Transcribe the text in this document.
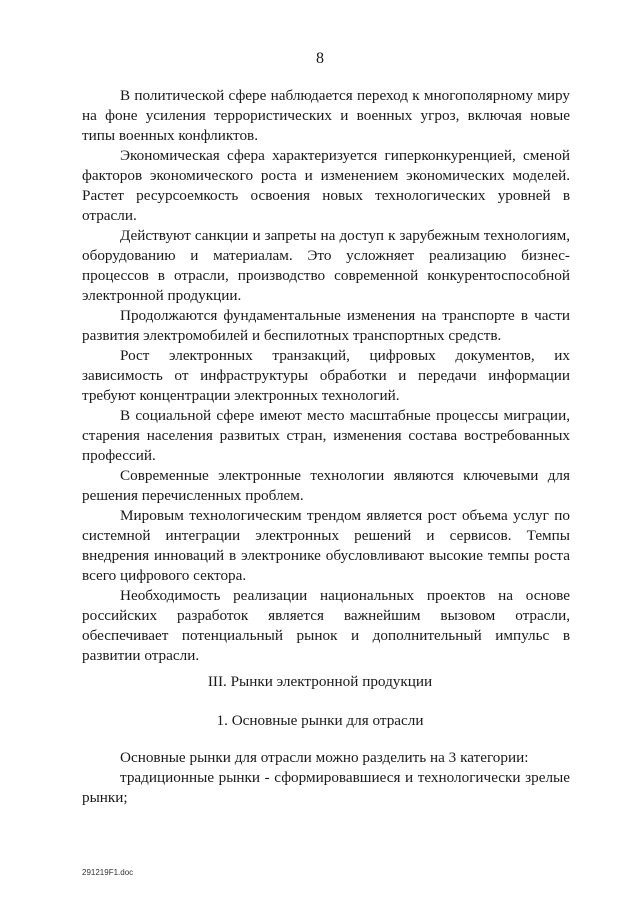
8

В политической сфере наблюдается переход к многополярному миру на фоне усиления террористических и военных угроз, включая новые типы военных конфликтов.

Экономическая сфера характеризуется гиперконкуренцией, сменой факторов экономического роста и изменением экономических моделей. Растет ресурсоемкость освоения новых технологических уровней в отрасли.

Действуют санкции и запреты на доступ к зарубежным технологиям, оборудованию и материалам. Это усложняет реализацию бизнес-процессов в отрасли, производство современной конкурентоспособной электронной продукции.

Продолжаются фундаментальные изменения на транспорте в части развития электромобилей и беспилотных транспортных средств.

Рост электронных транзакций, цифровых документов, их зависимость от инфраструктуры обработки и передачи информации требуют концентрации электронных технологий.

В социальной сфере имеют место масштабные процессы миграции, старения населения развитых стран, изменения состава востребованных профессий.

Современные электронные технологии являются ключевыми для решения перечисленных проблем.

Мировым технологическим трендом является рост объема услуг по системной интеграции электронных решений и сервисов. Темпы внедрения инноваций в электронике обусловливают высокие темпы роста всего цифрового сектора.

Необходимость реализации национальных проектов на основе российских разработок является важнейшим вызовом отрасли, обеспечивает потенциальный рынок и дополнительный импульс в развитии отрасли.

III. Рынки электронной продукции
1. Основные рынки для отрасли

Основные рынки для отрасли можно разделить на 3 категории:

традиционные рынки - сформировавшиеся и технологически зрелые рынки;

291219F1.doc
